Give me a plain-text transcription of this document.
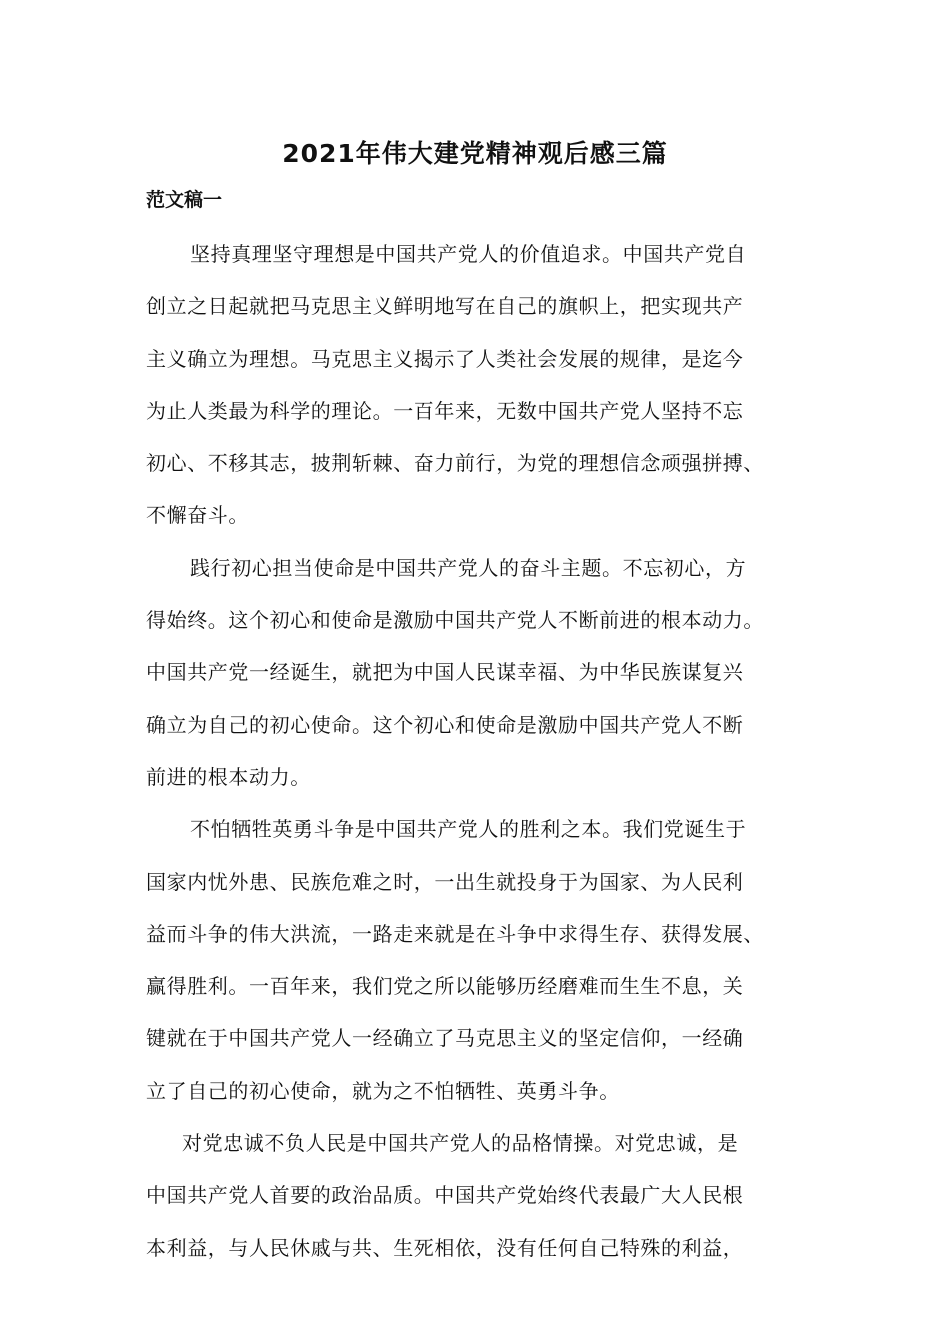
2021年伟大建党精神观后感三篇
范文稿一
坚持真理坚守理想是中国共产党人的价值追求。中国共产党自
创立之日起就把马克思主义鲜明地写在自己的旗帜上，把实现共产
主义确立为理想。马克思主义揭示了人类社会发展的规律，是迄今
为止人类最为科学的理论。一百年来，无数中国共产党人坚持不忘
初心、不移其志，披荆斩棘、奋力前行，为党的理想信念顽强拼搏、
不懈奋斗。
践行初心担当使命是中国共产党人的奋斗主题。不忘初心，方
得始终。这个初心和使命是激励中国共产党人不断前进的根本动力。
中国共产党一经诞生，就把为中国人民谋幸福、为中华民族谋复兴
确立为自己的初心使命。这个初心和使命是激励中国共产党人不断
前进的根本动力。
不怕牺牲英勇斗争是中国共产党人的胜利之本。我们党诞生于
国家内忧外患、民族危难之时，一出生就投身于为国家、为人民利
益而斗争的伟大洪流，一路走来就是在斗争中求得生存、获得发展、
赢得胜利。一百年来，我们党之所以能够历经磨难而生生不息，关
键就在于中国共产党人一经确立了马克思主义的坚定信仰，一经确
立了自己的初心使命，就为之不怕牺牲、英勇斗争。
对党忠诚不负人民是中国共产党人的品格情操。对党忠诚，是
中国共产党人首要的政治品质。中国共产党始终代表最广大人民根
本利益，与人民休戚与共、生死相依，没有任何自己特殊的利益，
